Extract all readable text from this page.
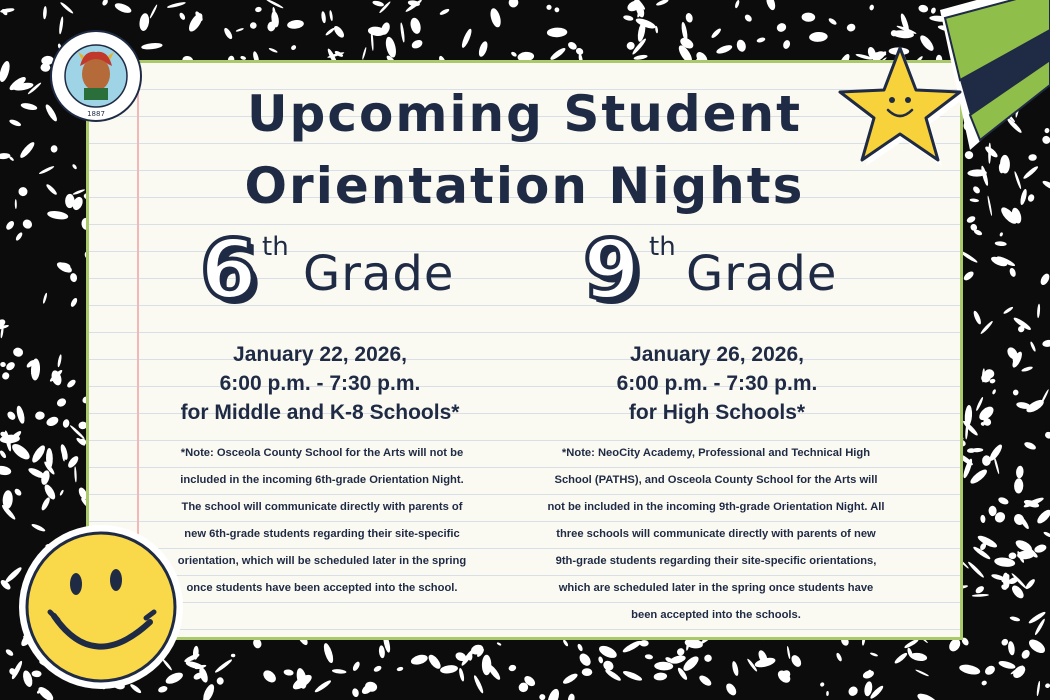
1887	Upcoming Student
Orientation Nights
6 th Grade 9 th Grade
January 22, 2026,
6:00 p.m. - 7:30 p.m.
for Middle and K-8 Schools*
January 26, 2026,
6:00 p.m. - 7:30 p.m.
for High Schools*
*Note: Osceola County School for the Arts will not be included in the incoming 6th-grade Orientation Night. The school will communicate directly with parents of new 6th-grade students regarding their site-specific orientation, which will be scheduled later in the spring once students have been accepted into the school.
*Note: NeoCity Academy, Professional and Technical High School (PATHS), and Osceola County School for the Arts will not be included in the incoming 9th-grade Orientation Night. All three schools will communicate directly with parents of new 9th-grade students regarding their site-specific orientations, which are scheduled later in the spring once students have been accepted into the schools.
